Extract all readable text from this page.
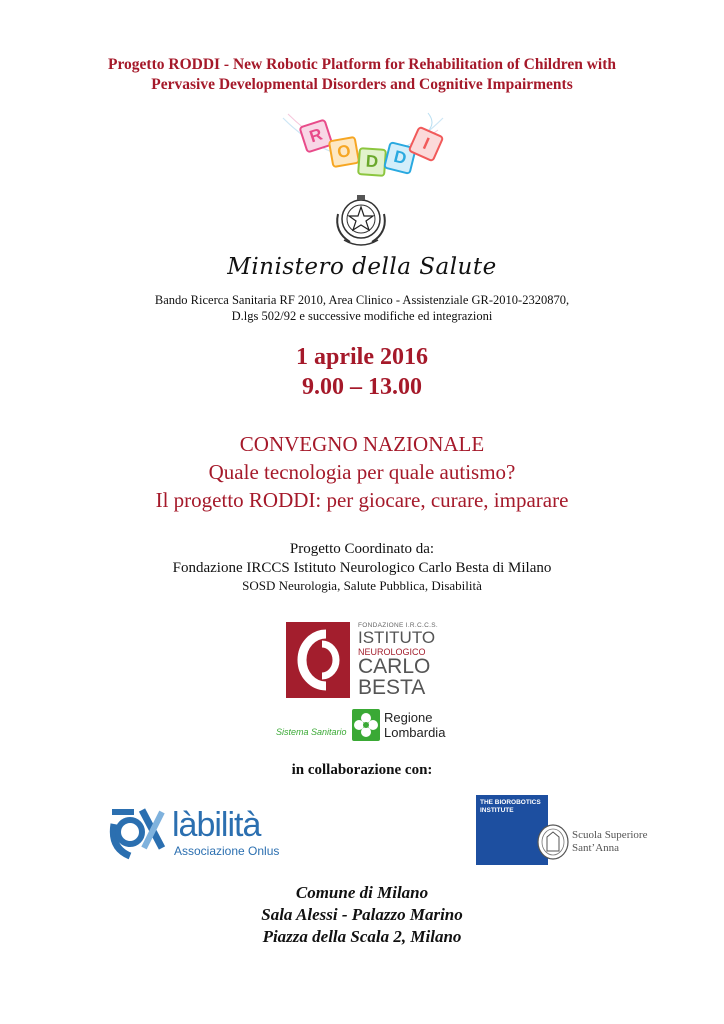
Progetto RODDI - New Robotic Platform for Rehabilitation of Children with
Pervasive Developmental Disorders and Cognitive Impairments
R
O D D
I
Ministero della Salute
Bando Ricerca Sanitaria RF 2010, Area Clinico - Assistenziale GR-2010-2320870,
D.lgs 502/92 e successive modifiche ed integrazioni
1 aprile 2016
9.00 – 13.00
CONVEGNO NAZIONALE
Quale tecnologia per quale autismo?
Il progetto RODDI: per giocare, curare, imparare
Progetto Coordinato da:
Fondazione IRCCS Istituto Neurologico Carlo Besta di Milano
SOSD Neurologia, Salute Pubblica, Disabilità
FONDAZIONE I.R.C.C.S.
ISTITUTO
NEUROLOGICO
CARLO
BESTA
Sistema Sanitario
Regione
Lombardia
in collaborazione con:
làbilità
Associazione Onlus
THE BIOROBOTICS
INSTITUTE
Scuola Superiore
Sant’Anna
Comune di Milano
Sala Alessi - Palazzo Marino
Piazza della Scala 2, Milano
